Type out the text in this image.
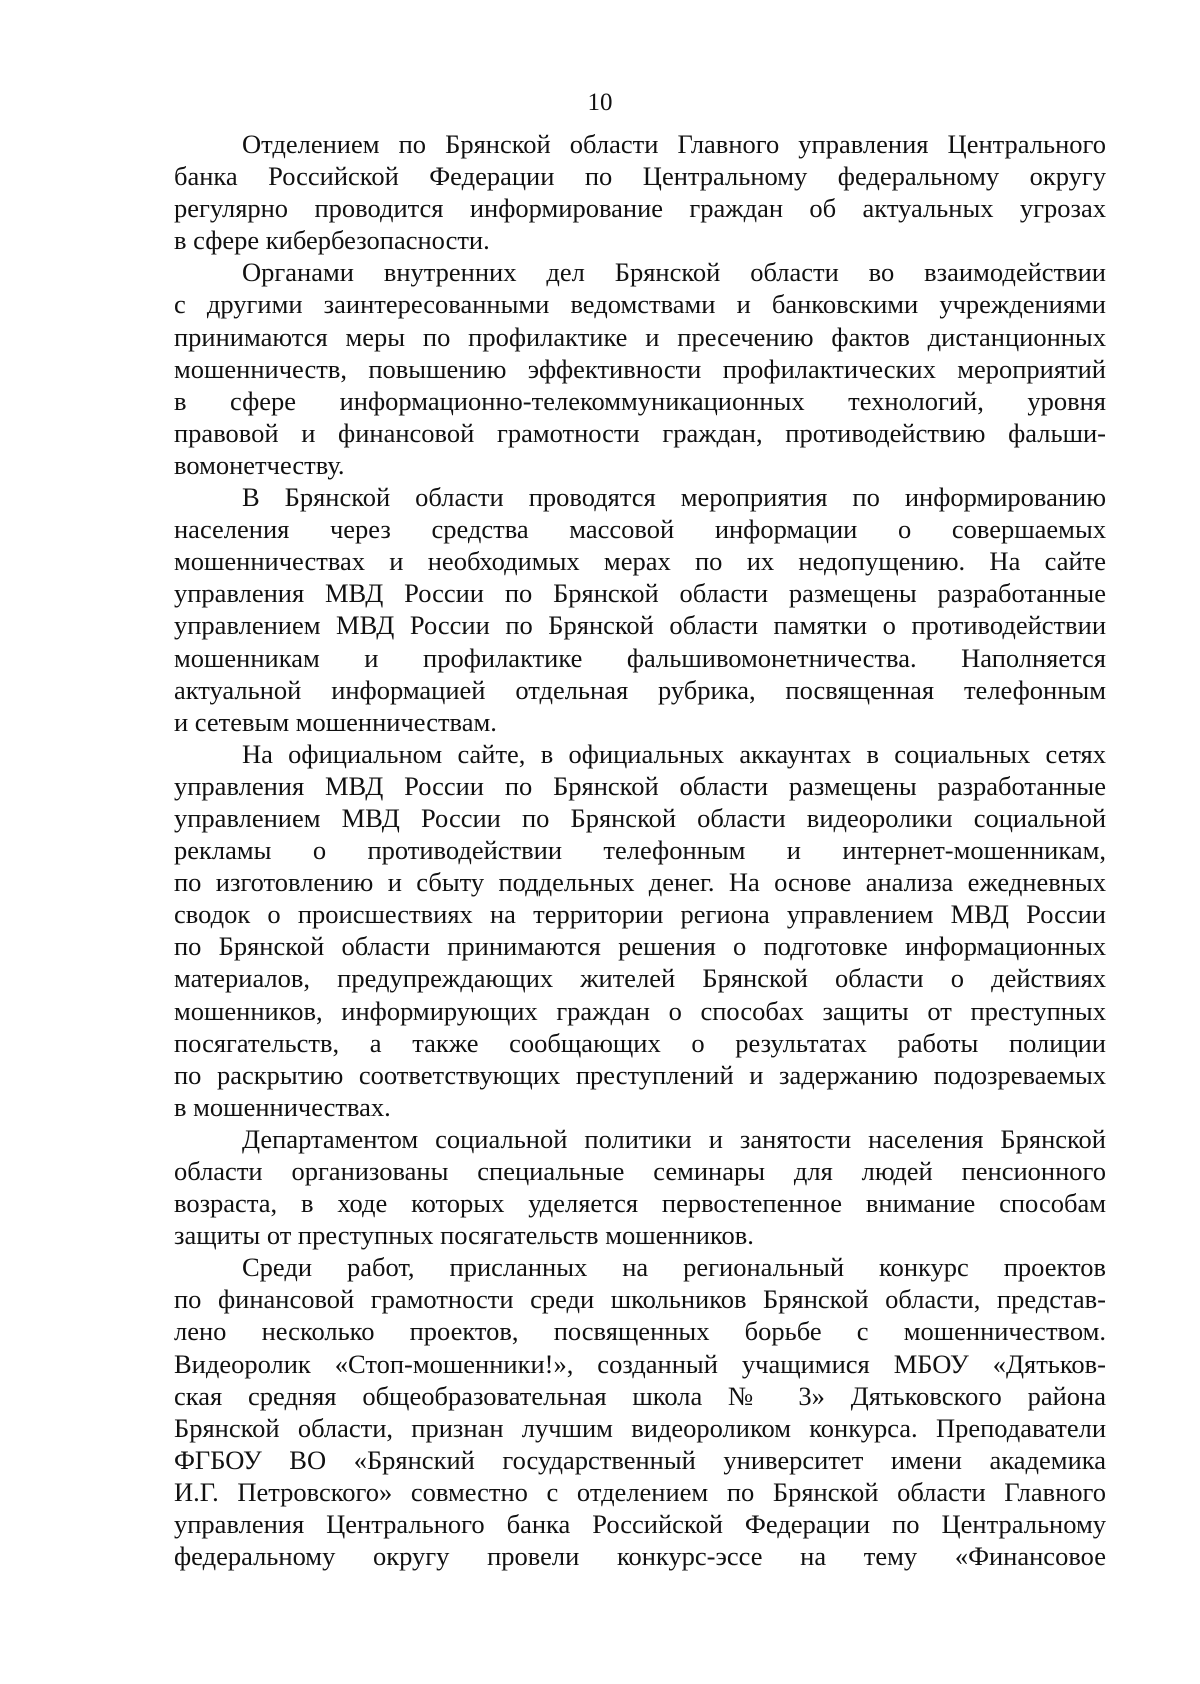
10
Отделением по Брянской области Главного управления Центрального
банка Российской Федерации по Центральному федеральному округу
регулярно проводится информирование граждан об актуальных угрозах
в сфере кибербезопасности.
Органами внутренних дел Брянской области во взаимодействии
с другими заинтересованными ведомствами и банковскими учреждениями
принимаются меры по профилактике и пресечению фактов дистанционных
мошенничеств, повышению эффективности профилактических мероприятий
в сфере информационно-телекоммуникационных технологий, уровня
правовой и финансовой грамотности граждан, противодействию фальши-
вомонетчеству.
В Брянской области проводятся мероприятия по информированию
населения через средства массовой информации о совершаемых
мошенничествах и необходимых мерах по их недопущению. На сайте
управления МВД России по Брянской области размещены разработанные
управлением МВД России по Брянской области памятки о противодействии
мошенникам и профилактике фальшивомонетничества. Наполняется
актуальной информацией отдельная рубрика, посвященная телефонным
и сетевым мошенничествам.
На официальном сайте, в официальных аккаунтах в социальных сетях
управления МВД России по Брянской области размещены разработанные
управлением МВД России по Брянской области видеоролики социальной
рекламы о противодействии телефонным и интернет-мошенникам,
по изготовлению и сбыту поддельных денег. На основе анализа ежедневных
сводок о происшествиях на территории региона управлением МВД России
по Брянской области принимаются решения о подготовке информационных
материалов, предупреждающих жителей Брянской области о действиях
мошенников, информирующих граждан о способах защиты от преступных
посягательств, а также сообщающих о результатах работы полиции
по раскрытию соответствующих преступлений и задержанию подозреваемых
в мошенничествах.
Департаментом социальной политики и занятости населения Брянской
области организованы специальные семинары для людей пенсионного
возраста, в ходе которых уделяется первостепенное внимание способам
защиты от преступных посягательств мошенников.
Среди работ, присланных на региональный конкурс проектов
по финансовой грамотности среди школьников Брянской области, представ-
лено несколько проектов, посвященных борьбе с мошенничеством.
Видеоролик «Стоп-мошенники!», созданный учащимися МБОУ «Дятьков-
ская средняя общеобразовательная школа № 3» Дятьковского района
Брянской области, признан лучшим видеороликом конкурса. Преподаватели
ФГБОУ ВО «Брянский государственный университет имени академика
И.Г. Петровского» совместно с отделением по Брянской области Главного
управления Центрального банка Российской Федерации по Центральному
федеральному округу провели конкурс-эссе на тему «Финансовое
